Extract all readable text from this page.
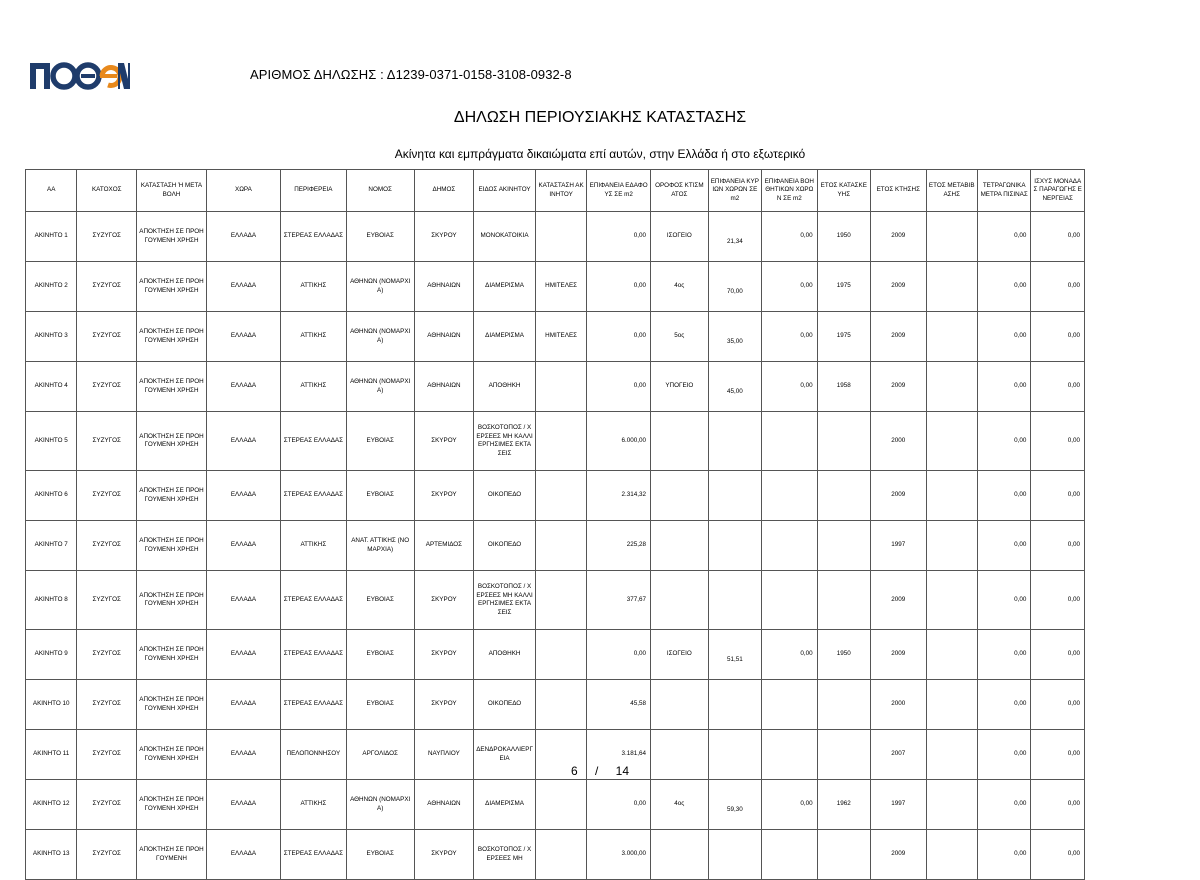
ΑΡΙΘΜΟΣ ΔΗΛΩΣΗΣ : Δ1239-0371-0158-3108-0932-8
ΔΗΛΩΣΗ ΠΕΡΙΟΥΣΙΑΚΗΣ ΚΑΤΑΣΤΑΣΗΣ
Ακίνητα και εμπράγματα δικαιώματα επί αυτών, στην Ελλάδα ή στο εξωτερικό
ΑΑ	ΚΑΤΟΧΟΣ	ΚΑΤΑΣΤΑΣΗ Ή ΜΕΤΑΒΟΛΗ	ΧΩΡΑ	ΠΕΡΙΦΕΡΕΙΑ	ΝΟΜΟΣ	ΔΗΜΟΣ	ΕΙΔΟΣ ΑΚΙΝΗΤΟΥ	ΚΑΤΑΣΤΑΣΗ ΑΚΙΝΗΤΟΥ	ΕΠΙΦΑΝΕΙΑ ΕΔΑΦΟΥΣ ΣΕ m2	ΟΡΟΦΟΣ ΚΤΙΣΜΑΤΟΣ	ΕΠΙΦΑΝΕΙΑ ΚΥΡΙΩΝ ΧΩΡΩΝ ΣΕ m2	ΕΠΙΦΑΝΕΙΑ ΒΟΗΘΗΤΙΚΩΝ ΧΩΡΩΝ ΣΕ m2	ΕΤΟΣ ΚΑΤΑΣΚΕΥΗΣ	ΕΤΟΣ ΚΤΗΣΗΣ	ΕΤΟΣ ΜΕΤΑΒΙΒΑΣΗΣ	ΤΕΤΡΑΓΩΝΙΚΑ ΜΕΤΡΑ ΠΙΣΙΝΑΣ	ΙΣΧΥΣ ΜΟΝΑΔΑΣ ΠΑΡΑΓΩΓΗΣ ΕΝΕΡΓΕΙΑΣ
ΑΚΙΝΗΤΟ 1	ΣΥΖΥΓΟΣ	ΑΠΟΚΤΗΣΗ ΣΕ ΠΡΟΗΓΟΥΜΕΝΗ ΧΡΗΣΗ	ΕΛΛΑΔΑ	ΣΤΕΡΕΑΣ ΕΛΛΑΔΑΣ	ΕΥΒΟΙΑΣ	ΣΚΥΡΟΥ	ΜΟΝΟΚΑΤΟΙΚΙΑ		0,00	ΙΣΟΓΕΙΟ	21,34	0,00	1950	2009		0,00	0,00
ΑΚΙΝΗΤΟ 2	ΣΥΖΥΓΟΣ	ΑΠΟΚΤΗΣΗ ΣΕ ΠΡΟΗΓΟΥΜΕΝΗ ΧΡΗΣΗ	ΕΛΛΑΔΑ	ΑΤΤΙΚΗΣ	ΑΘΗΝΩΝ (ΝΟΜΑΡΧΙΑ)	ΑΘΗΝΑΙΩΝ	ΔΙΑΜΕΡΙΣΜΑ	ΗΜΙΤΕΛΕΣ	0,00	4ος	70,00	0,00	1975	2009		0,00	0,00
ΑΚΙΝΗΤΟ 3	ΣΥΖΥΓΟΣ	ΑΠΟΚΤΗΣΗ ΣΕ ΠΡΟΗΓΟΥΜΕΝΗ ΧΡΗΣΗ	ΕΛΛΑΔΑ	ΑΤΤΙΚΗΣ	ΑΘΗΝΩΝ (ΝΟΜΑΡΧΙΑ)	ΑΘΗΝΑΙΩΝ	ΔΙΑΜΕΡΙΣΜΑ	ΗΜΙΤΕΛΕΣ	0,00	5ος	35,00	0,00	1975	2009		0,00	0,00
ΑΚΙΝΗΤΟ 4	ΣΥΖΥΓΟΣ	ΑΠΟΚΤΗΣΗ ΣΕ ΠΡΟΗΓΟΥΜΕΝΗ ΧΡΗΣΗ	ΕΛΛΑΔΑ	ΑΤΤΙΚΗΣ	ΑΘΗΝΩΝ (ΝΟΜΑΡΧΙΑ)	ΑΘΗΝΑΙΩΝ	ΑΠΟΘΗΚΗ		0,00	ΥΠΟΓΕΙΟ	45,00	0,00	1958	2009		0,00	0,00
ΑΚΙΝΗΤΟ 5	ΣΥΖΥΓΟΣ	ΑΠΟΚΤΗΣΗ ΣΕ ΠΡΟΗΓΟΥΜΕΝΗ ΧΡΗΣΗ	ΕΛΛΑΔΑ	ΣΤΕΡΕΑΣ ΕΛΛΑΔΑΣ	ΕΥΒΟΙΑΣ	ΣΚΥΡΟΥ	ΒΟΣΚΟΤΟΠΟΣ / ΧΕΡΣΕΕΣ ΜΗ ΚΑΛΛΙΕΡΓΗΣΙΜΕΣ ΕΚΤΑΣΕΙΣ		6.000,00					2000		0,00	0,00
ΑΚΙΝΗΤΟ 6	ΣΥΖΥΓΟΣ	ΑΠΟΚΤΗΣΗ ΣΕ ΠΡΟΗΓΟΥΜΕΝΗ ΧΡΗΣΗ	ΕΛΛΑΔΑ	ΣΤΕΡΕΑΣ ΕΛΛΑΔΑΣ	ΕΥΒΟΙΑΣ	ΣΚΥΡΟΥ	ΟΙΚΟΠΕΔΟ		2.314,32					2009		0,00	0,00
ΑΚΙΝΗΤΟ 7	ΣΥΖΥΓΟΣ	ΑΠΟΚΤΗΣΗ ΣΕ ΠΡΟΗΓΟΥΜΕΝΗ ΧΡΗΣΗ	ΕΛΛΑΔΑ	ΑΤΤΙΚΗΣ	ΑΝΑΤ. ΑΤΤΙΚΗΣ (ΝΟΜΑΡΧΙΑ)	ΑΡΤΕΜΙΔΟΣ	ΟΙΚΟΠΕΔΟ		225,28					1997		0,00	0,00
ΑΚΙΝΗΤΟ 8	ΣΥΖΥΓΟΣ	ΑΠΟΚΤΗΣΗ ΣΕ ΠΡΟΗΓΟΥΜΕΝΗ ΧΡΗΣΗ	ΕΛΛΑΔΑ	ΣΤΕΡΕΑΣ ΕΛΛΑΔΑΣ	ΕΥΒΟΙΑΣ	ΣΚΥΡΟΥ	ΒΟΣΚΟΤΟΠΟΣ / ΧΕΡΣΕΕΣ ΜΗ ΚΑΛΛΙΕΡΓΗΣΙΜΕΣ ΕΚΤΑΣΕΙΣ		377,67					2009		0,00	0,00
ΑΚΙΝΗΤΟ 9	ΣΥΖΥΓΟΣ	ΑΠΟΚΤΗΣΗ ΣΕ ΠΡΟΗΓΟΥΜΕΝΗ ΧΡΗΣΗ	ΕΛΛΑΔΑ	ΣΤΕΡΕΑΣ ΕΛΛΑΔΑΣ	ΕΥΒΟΙΑΣ	ΣΚΥΡΟΥ	ΑΠΟΘΗΚΗ		0,00	ΙΣΟΓΕΙΟ	51,51	0,00	1950	2009		0,00	0,00
ΑΚΙΝΗΤΟ 10	ΣΥΖΥΓΟΣ	ΑΠΟΚΤΗΣΗ ΣΕ ΠΡΟΗΓΟΥΜΕΝΗ ΧΡΗΣΗ	ΕΛΛΑΔΑ	ΣΤΕΡΕΑΣ ΕΛΛΑΔΑΣ	ΕΥΒΟΙΑΣ	ΣΚΥΡΟΥ	ΟΙΚΟΠΕΔΟ		45,58					2000		0,00	0,00
ΑΚΙΝΗΤΟ 11	ΣΥΖΥΓΟΣ	ΑΠΟΚΤΗΣΗ ΣΕ ΠΡΟΗΓΟΥΜΕΝΗ ΧΡΗΣΗ	ΕΛΛΑΔΑ	ΠΕΛΟΠΟΝΝΗΣΟΥ	ΑΡΓΟΛΙΔΟΣ	ΝΑΥΠΛΙΟΥ	ΔΕΝΔΡΟΚΑΛΛΙΕΡΓΕΙΑ		3.181,64					2007		0,00	0,00
ΑΚΙΝΗΤΟ 12	ΣΥΖΥΓΟΣ	ΑΠΟΚΤΗΣΗ ΣΕ ΠΡΟΗΓΟΥΜΕΝΗ ΧΡΗΣΗ	ΕΛΛΑΔΑ	ΑΤΤΙΚΗΣ	ΑΘΗΝΩΝ (ΝΟΜΑΡΧΙΑ)	ΑΘΗΝΑΙΩΝ	ΔΙΑΜΕΡΙΣΜΑ		0,00	4ος	59,30	0,00	1962	1997		0,00	0,00
ΑΚΙΝΗΤΟ 13	ΣΥΖΥΓΟΣ	ΑΠΟΚΤΗΣΗ ΣΕ ΠΡΟΗΓΟΥΜΕΝΗ	ΕΛΛΑΔΑ	ΣΤΕΡΕΑΣ ΕΛΛΑΔΑΣ	ΕΥΒΟΙΑΣ	ΣΚΥΡΟΥ	ΒΟΣΚΟΤΟΠΟΣ / ΧΕΡΣΕΕΣ ΜΗ		3.000,00					2009		0,00	0,00
6 / 14
